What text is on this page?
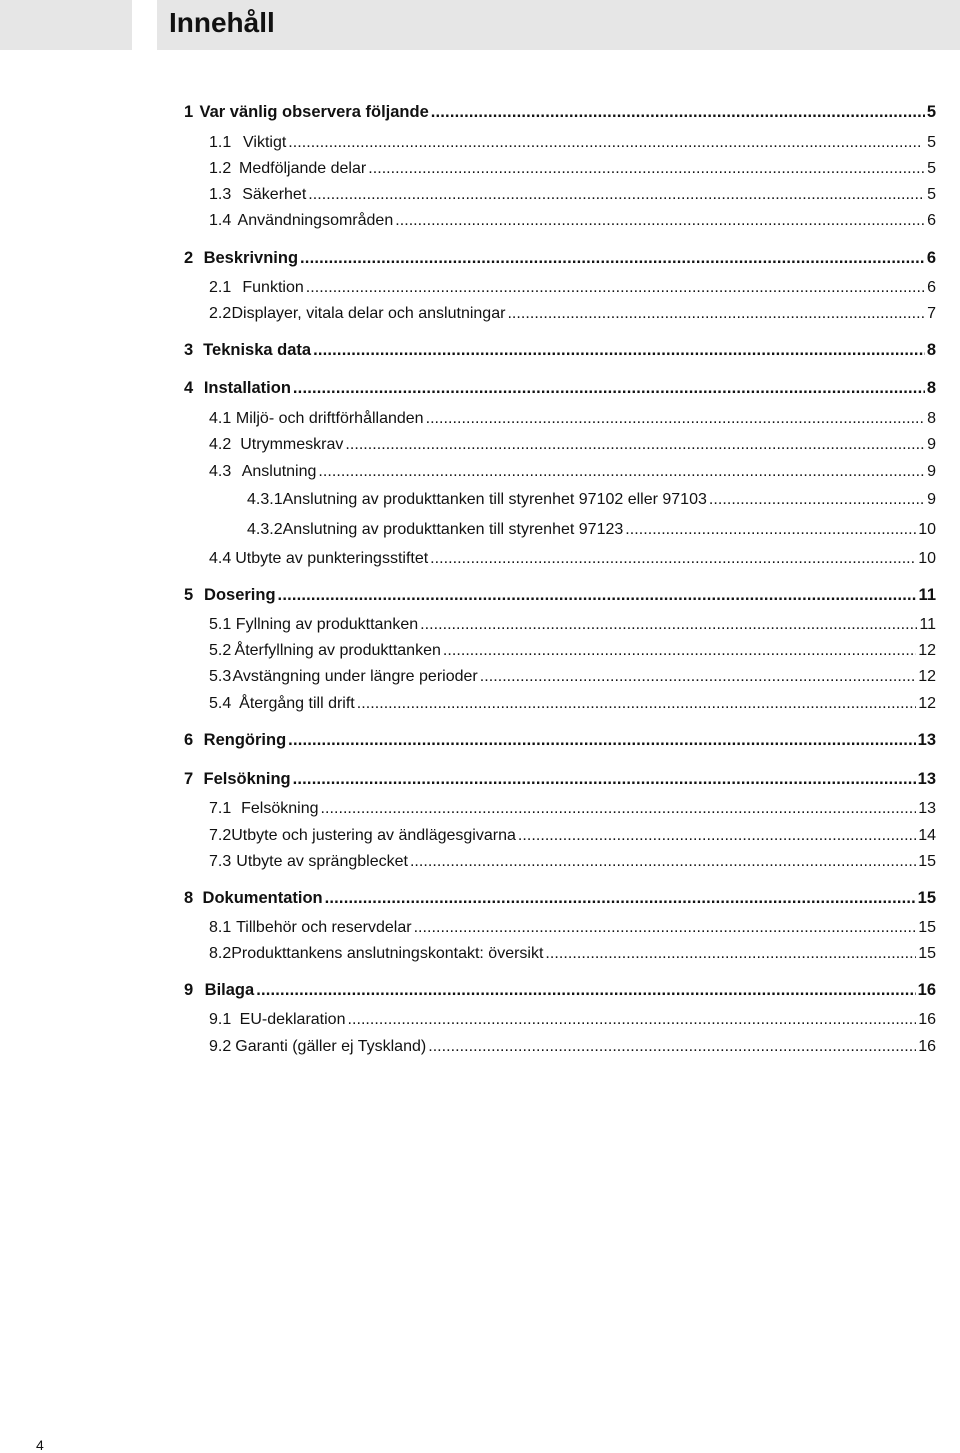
Innehåll
1 Var vänlig observera följande . . .	5
1.1 Viktigt . . .	5
1.2 Medföljande delar . . .	5
1.3 Säkerhet . . .	5
1.4 Användningsområden . . .	6
2 Beskrivning . . .	6
2.1 Funktion . . .	6
2.2 Displayer, vitala delar och anslutningar . . .	7
3 Tekniska data . . .	8
4 Installation . . .	8
4.1 Miljö- och driftförhållanden . . .	8
4.2 Utrymmeskrav . . .	9
4.3 Anslutning . . .	9
4.3.1 Anslutning av produkttanken till styrenhet 97102 eller 97103 . . .	9
4.3.2 Anslutning av produkttanken till styrenhet 97123 . . .	10
4.4 Utbyte av punkteringsstiftet . . .	10
5 Dosering . . .	11
5.1 Fyllning av produkttanken . . .	11
5.2 Återfyllning av produkttanken . . .	12
5.3 Avstängning under längre perioder . . .	12
5.4 Återgång till drift . . .	12
6 Rengöring . . .	13
7 Felsökning . . .	13
7.1 Felsökning . . .	13
7.2 Utbyte och justering av ändlägesgivarna . . .	14
7.3 Utbyte av sprängblecket . . .	15
8 Dokumentation . . .	15
8.1 Tillbehör och reservdelar . . .	15
8.2 Produkttankens anslutningskontakt: översikt . . .	15
9 Bilaga . . .	16
9.1 EU-deklaration . . .	16
9.2 Garanti (gäller ej Tyskland) . . .	16
4
